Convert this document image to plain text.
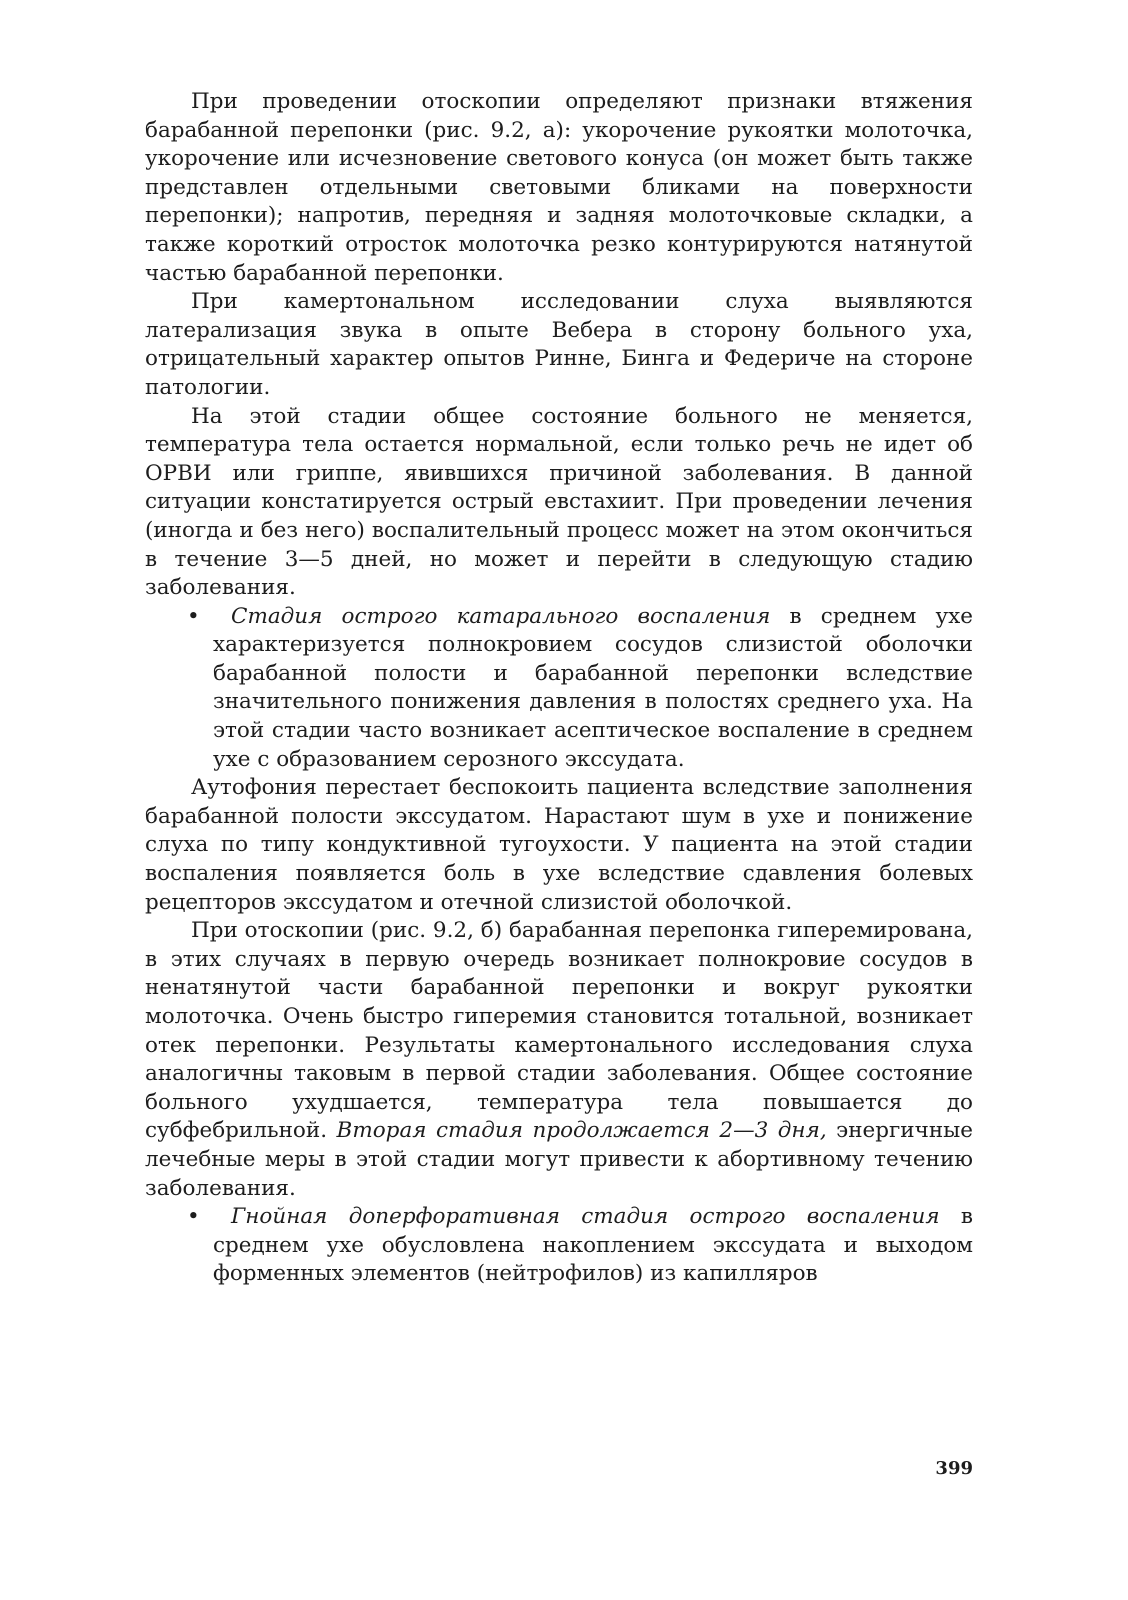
При проведении отоскопии определяют признаки втяжения барабанной перепонки (рис. 9.2, а): укорочение рукоятки молоточка, укорочение или исчезновение светового конуса (он может быть также представлен отдельными световыми бликами на поверхности перепонки); напротив, передняя и задняя молоточковые складки, а также короткий отросток молоточка резко контурируются натянутой частью барабанной перепонки.

При камертональном исследовании слуха выявляются латерализация звука в опыте Вебера в сторону больного уха, отрицательный характер опытов Ринне, Бинга и Федериче на стороне патологии.

На этой стадии общее состояние больного не меняется, температура тела остается нормальной, если только речь не идет об ОРВИ или гриппе, явившихся причиной заболевания. В данной ситуации констатируется острый евстахиит. При проведении лечения (иногда и без него) воспалительный процесс может на этом окончиться в течение 3—5 дней, но может и перейти в следующую стадию заболевания.

• Стадия острого катарального воспаления в среднем ухе характеризуется полнокровием сосудов слизистой оболочки барабанной полости и барабанной перепонки вследствие значительного понижения давления в полостях среднего уха. На этой стадии часто возникает асептическое воспаление в среднем ухе с образованием серозного экссудата.

Аутофония перестает беспокоить пациента вследствие заполнения барабанной полости экссудатом. Нарастают шум в ухе и понижение слуха по типу кондуктивной тугоухости. У пациента на этой стадии воспаления появляется боль в ухе вследствие сдавления болевых рецепторов экссудатом и отечной слизистой оболочкой.

При отоскопии (рис. 9.2, б) барабанная перепонка гиперемирована, в этих случаях в первую очередь возникает полнокровие сосудов в ненатянутой части барабанной перепонки и вокруг рукоятки молоточка. Очень быстро гиперемия становится тотальной, возникает отек перепонки. Результаты камертонального исследования слуха аналогичны таковым в первой стадии заболевания. Общее состояние больного ухудшается, температура тела повышается до субфебрильной. Вторая стадия продолжается 2—3 дня, энергичные лечебные меры в этой стадии могут привести к абортивному течению заболевания.

• Гнойная доперфоративная стадия острого воспаления в среднем ухе обусловлена накоплением экссудата и выходом форменных элементов (нейтрофилов) из капилляров
399
